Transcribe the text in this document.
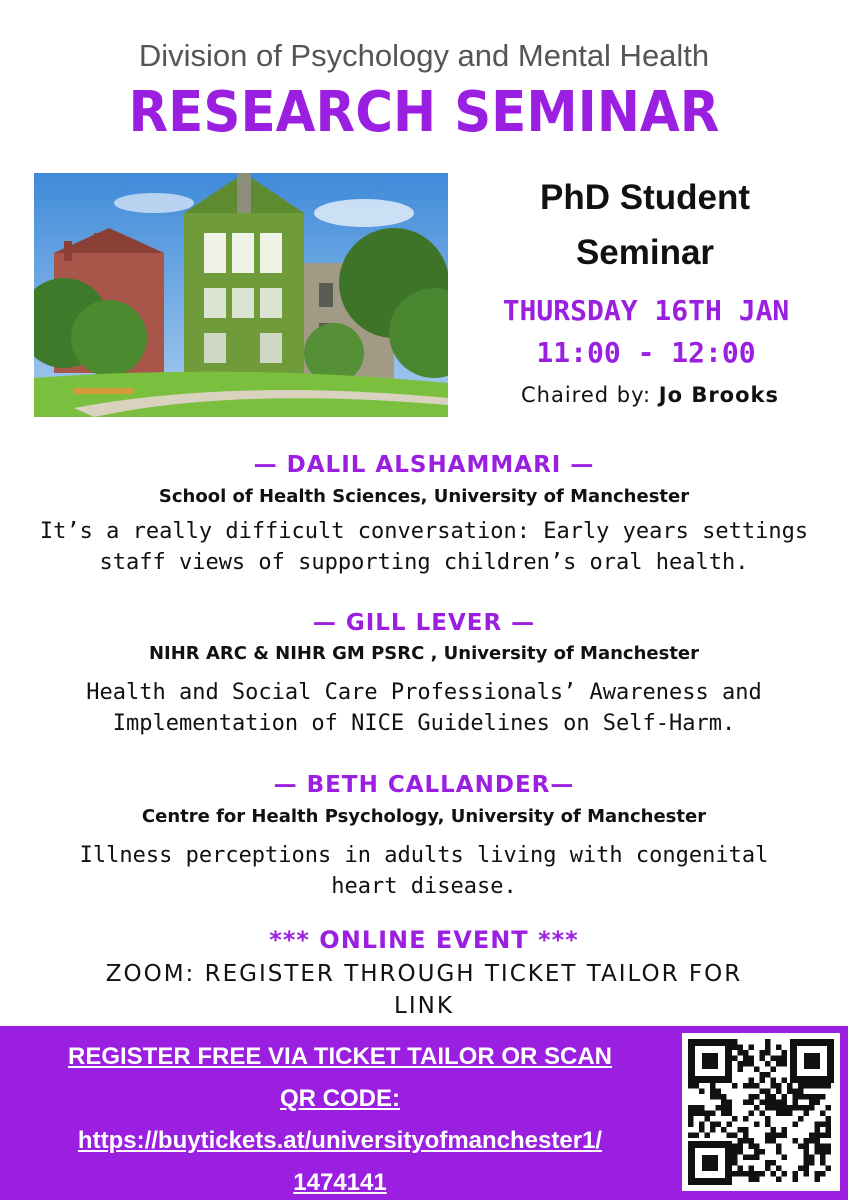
Division of Psychology and Mental Health
RESEARCH SEMINAR
PhD Student
Seminar
THURSDAY 16TH JAN
11:00 - 12:00
Chaired by: Jo Brooks
— DALIL ALSHAMMARI —
School of Health Sciences, University of Manchester
It’s a really difficult conversation: Early years settings
staff views of supporting children’s oral health.
— GILL LEVER —
NIHR ARC & NIHR GM PSRC , University of Manchester
Health and Social Care Professionals’ Awareness and
Implementation of NICE Guidelines on Self-Harm.
— BETH CALLANDER—
Centre for Health Psychology, University of Manchester
Illness perceptions in adults living with congenital
heart disease.
*** ONLINE EVENT ***
ZOOM: REGISTER THROUGH TICKET TAILOR FOR
LINK
REGISTER FREE VIA TICKET TAILOR OR SCAN
QR CODE:
https://buytickets.at/universityofmanchester1/
1474141
